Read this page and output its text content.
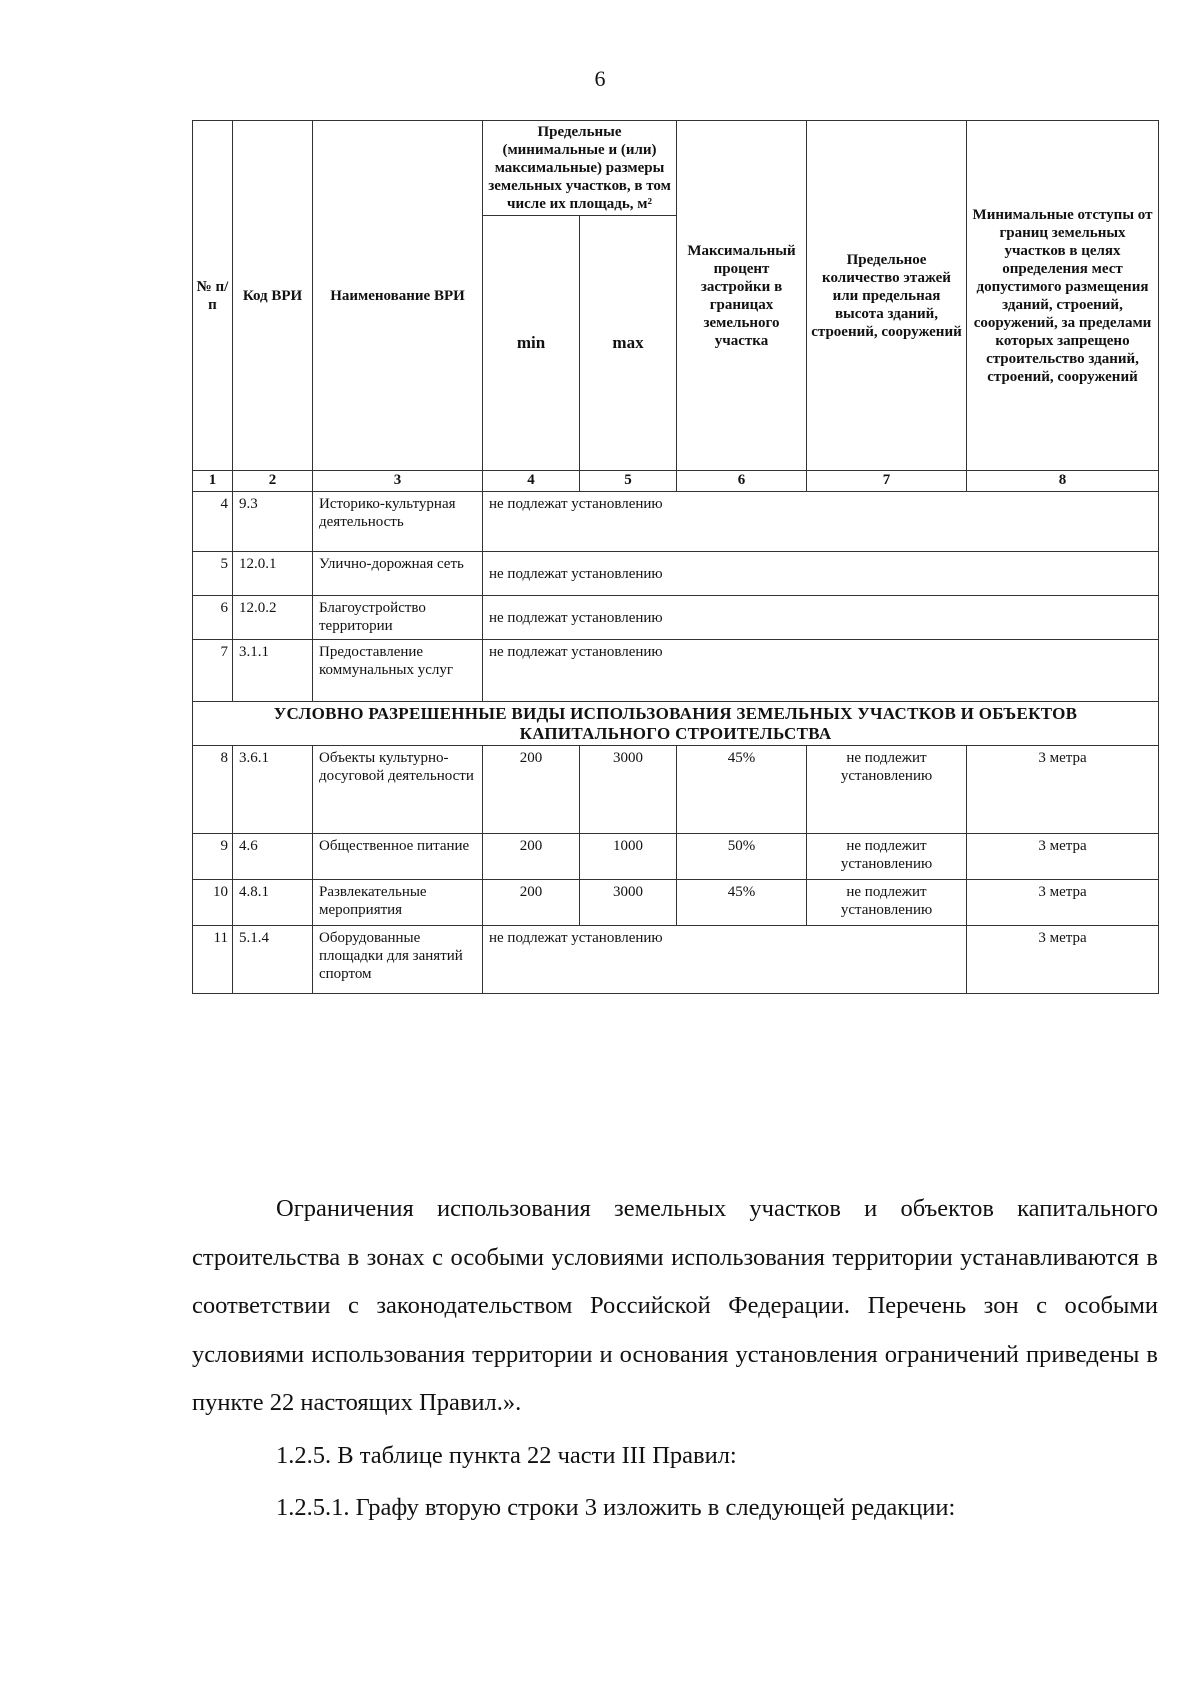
6
№ п/п	Код ВРИ	Наименование ВРИ	Предельные (минимальные и (или) максимальные) размеры земельных участков, в том числе их площадь, м²		Максимальный процент застройки в границах земельного участка	Предельное количество этажей или предельная высота зданий, строений, сооружений	Минимальные отступы от границ земельных участков в целях определения мест допустимого размещения зданий, строений, сооружений, за пределами которых запрещено строительство зданий, строений, сооружений
			min	max			
1	2	3	4	5	6	7	8
4	9.3	Историко-культурная деятельность	не подлежат установлению				
5	12.0.1	Улично-дорожная сеть	не подлежат установлению				
6	12.0.2	Благоустройство территории	не подлежат установлению				
7	3.1.1	Предоставление коммунальных услуг	не подлежат установлению				
УСЛОВНО РАЗРЕШЕННЫЕ ВИДЫ ИСПОЛЬЗОВАНИЯ ЗЕМЕЛЬНЫХ УЧАСТКОВ И ОБЪЕКТОВ КАПИТАЛЬНОГО СТРОИТЕЛЬСТВА							
8	3.6.1	Объекты культурно-досуговой деятельности	200	3000	45%	не подлежит установлению	3 метра
9	4.6	Общественное питание	200	1000	50%	не подлежит установлению	3 метра
10	4.8.1	Развлекательные мероприятия	200	3000	45%	не подлежит установлению	3 метра
11	5.1.4	Оборудованные площадки для занятий спортом	не подлежат установлению				3 метра

Ограничения использования земельных участков и объектов капитального строительства в зонах с особыми условиями использования территории устанавливаются в соответствии с законодательством Российской Федерации. Перечень зон с особыми условиями использования территории и основания установления ограничений приведены в пункте 22 настоящих Правил.».

1.2.5. В таблице пункта 22 части III Правил:

1.2.5.1. Графу вторую строки 3 изложить в следующей редакции:
